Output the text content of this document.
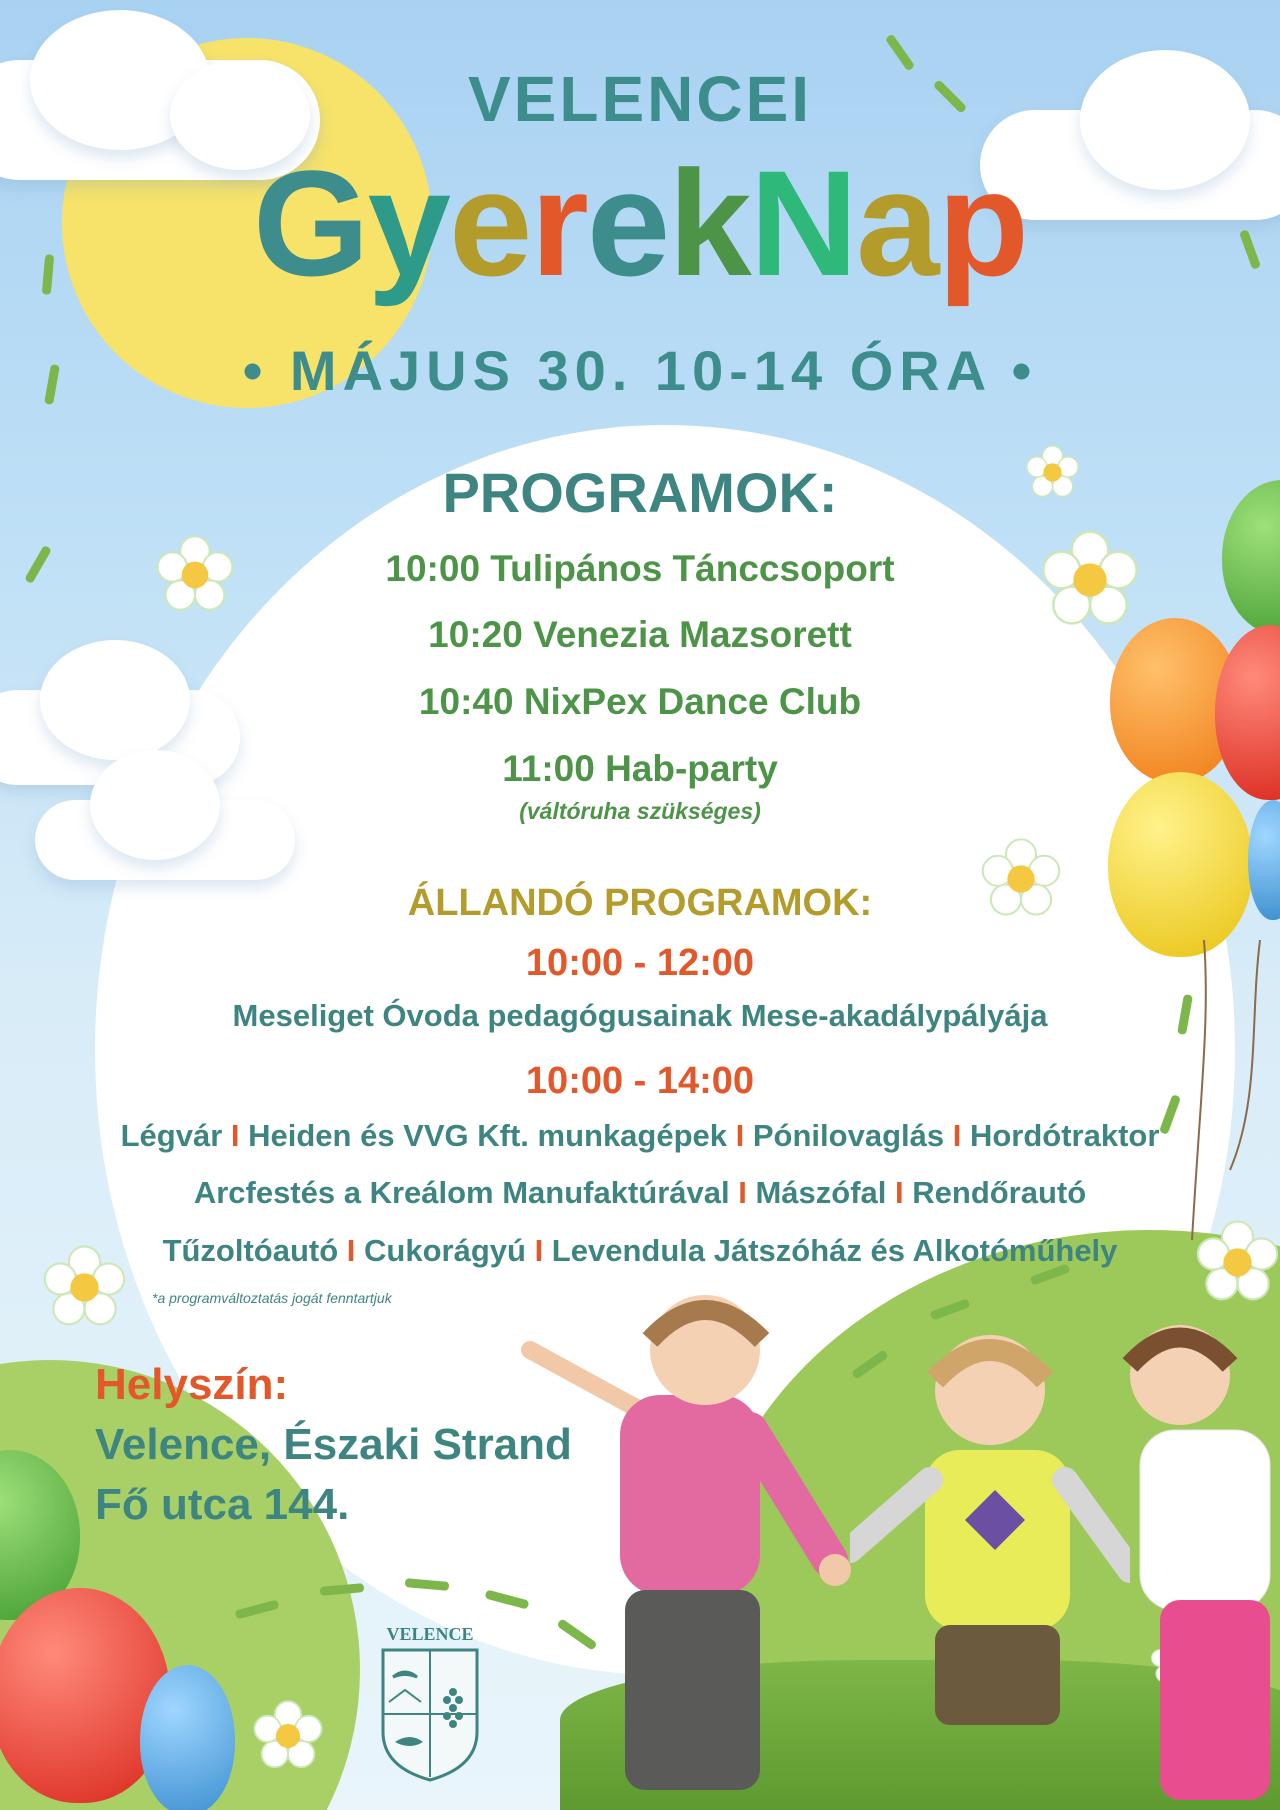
VELENCEI
GyerekNap
• MÁJUS 30. 10-14 ÓRA •
PROGRAMOK:
10:00 Tulipános Tánccsoport
10:20 Venezia Mazsorett
10:40 NixPex Dance Club
11:00 Hab-party
(váltóruha szükséges)
ÁLLANDÓ PROGRAMOK:
10:00 - 12:00
Meseliget Óvoda pedagógusainak Mese-akadálypályája
10:00 - 14:00
Légvár I Heiden és VVG Kft. munkagépek I Pónilovaglás I Hordótraktor
Arcfestés a Kreálom Manufaktúrával I Mászófal I Rendőrautó
Tűzoltóautó I Cukorágyú I Levendula Játszóház és Alkotóműhely
*a programváltoztatás jogát fenntartjuk
Helyszín:
Velence, Északi Strand
Fő utca 144.
VELENCE
